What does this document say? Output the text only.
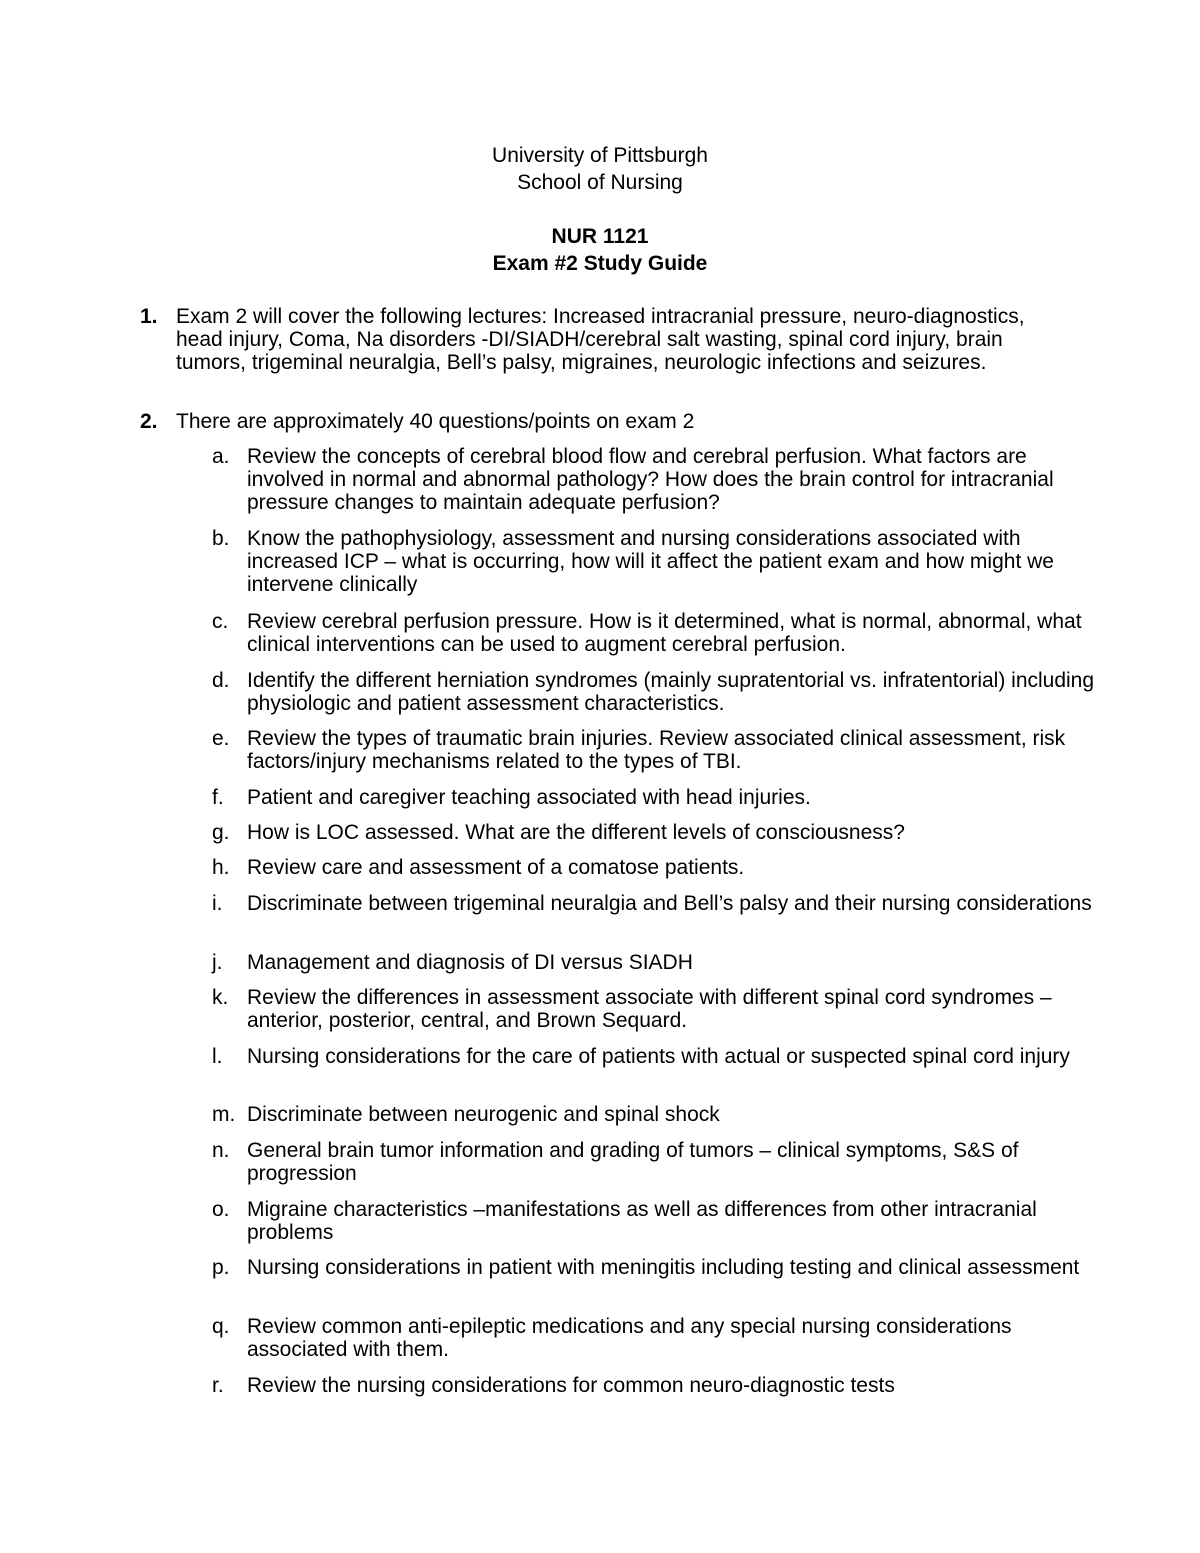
University of Pittsburgh
School of Nursing
NUR 1121
Exam #2 Study Guide
1. Exam 2 will cover the following lectures: Increased intracranial pressure, neuro-diagnostics, head injury, Coma, Na disorders -DI/SIADH/cerebral salt wasting, spinal cord injury, brain tumors, trigeminal neuralgia, Bell’s palsy, migraines, neurologic infections and seizures.
2. There are approximately 40 questions/points on exam 2
a. Review the concepts of cerebral blood flow and cerebral perfusion. What factors are involved in normal and abnormal pathology? How does the brain control for intracranial pressure changes to maintain adequate perfusion?
b. Know the pathophysiology, assessment and nursing considerations associated with increased ICP – what is occurring, how will it affect the patient exam and how might we intervene clinically
c. Review cerebral perfusion pressure. How is it determined, what is normal, abnormal, what clinical interventions can be used to augment cerebral perfusion.
d. Identify the different herniation syndromes (mainly supratentorial vs. infratentorial) including physiologic and patient assessment characteristics.
e. Review the types of traumatic brain injuries. Review associated clinical assessment, risk factors/injury mechanisms related to the types of TBI.
f. Patient and caregiver teaching associated with head injuries.
g. How is LOC assessed. What are the different levels of consciousness?
h. Review care and assessment of a comatose patients.
i. Discriminate between trigeminal neuralgia and Bell’s palsy and their nursing considerations
j. Management and diagnosis of DI versus SIADH
k. Review the differences in assessment associate with different spinal cord syndromes – anterior, posterior, central, and Brown Sequard.
l. Nursing considerations for the care of patients with actual or suspected spinal cord injury
m. Discriminate between neurogenic and spinal shock
n. General brain tumor information and grading of tumors – clinical symptoms, S&S of progression
o. Migraine characteristics –manifestations as well as differences from other intracranial problems
p. Nursing considerations in patient with meningitis including testing and clinical assessment
q. Review common anti-epileptic medications and any special nursing considerations associated with them.
r. Review the nursing considerations for common neuro-diagnostic tests
